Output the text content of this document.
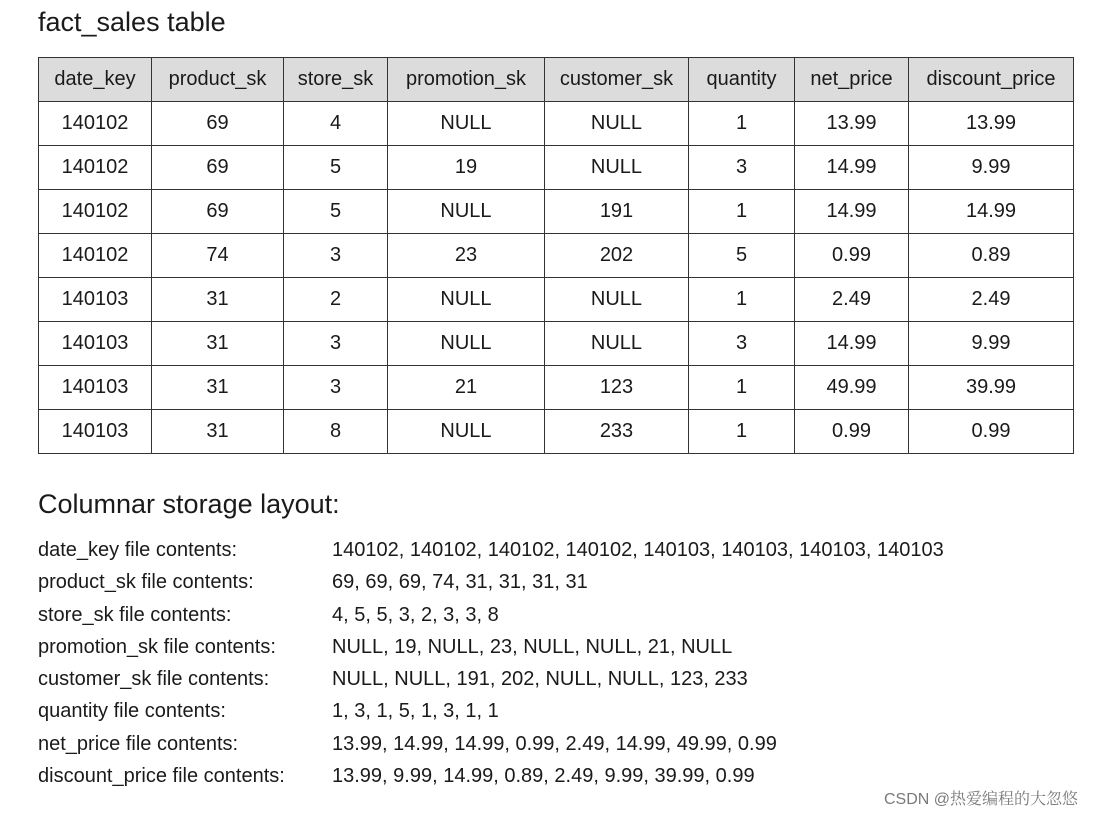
fact_sales table
date_key	product_sk	store_sk	promotion_sk	customer_sk	quantity	net_price	discount_price
140102	69	4	NULL	NULL	1	13.99	13.99
140102	69	5	19	NULL	3	14.99	9.99
140102	69	5	NULL	191	1	14.99	14.99
140102	74	3	23	202	5	0.99	0.89
140103	31	2	NULL	NULL	1	2.49	2.49
140103	31	3	NULL	NULL	3	14.99	9.99
140103	31	3	21	123	1	49.99	39.99
140103	31	8	NULL	233	1	0.99	0.99
Columnar storage layout:
date_key file contents:	140102, 140102, 140102, 140102, 140103, 140103, 140103, 140103
product_sk file contents:	69, 69, 69, 74, 31, 31, 31, 31
store_sk file contents:	4, 5, 5, 3, 2, 3, 3, 8
promotion_sk file contents:	NULL, 19, NULL, 23, NULL, NULL, 21, NULL
customer_sk file contents:	NULL, NULL, 191, 202, NULL, NULL, 123, 233
quantity file contents:	1, 3, 1, 5, 1, 3, 1, 1
net_price file contents:	13.99, 14.99, 14.99, 0.99, 2.49, 14.99, 49.99, 0.99
discount_price file contents: 13.99, 9.99, 14.99, 0.89, 2.49, 9.99, 39.99, 0.99
CSDN @热爱编程的大忽悠
